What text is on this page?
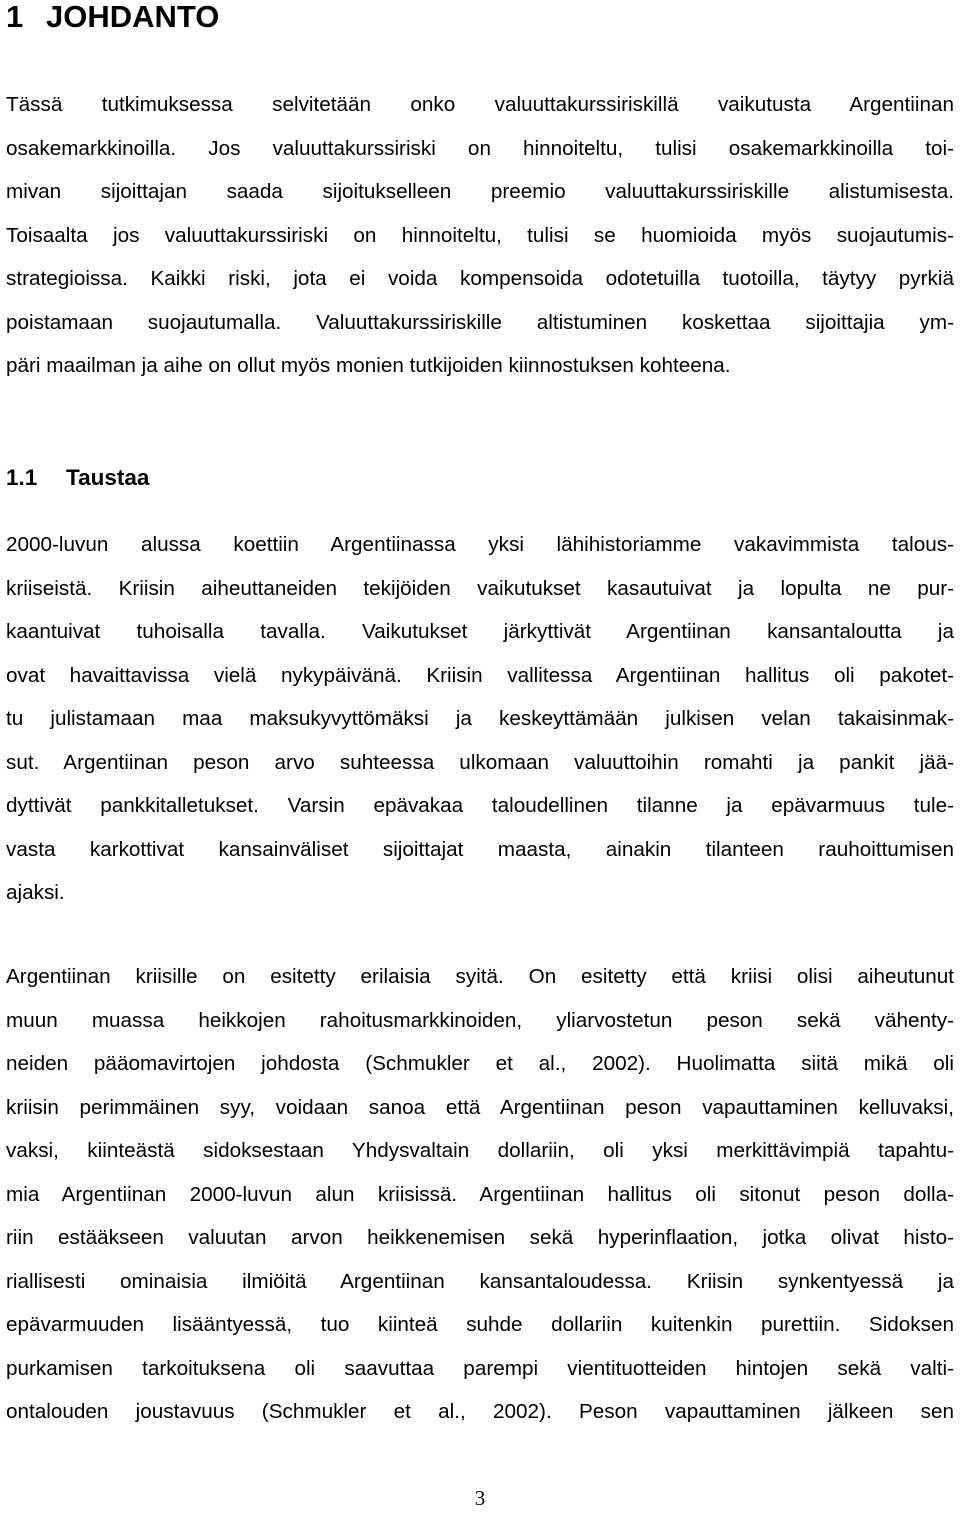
1 JOHDANTO

Tässä tutkimuksessa selvitetään onko valuuttakurssiriskillä vaikutusta Argentiinan
osakemarkkinoilla. Jos valuuttakurssiriski on hinnoiteltu, tulisi osakemarkkinoilla toi-
mivan sijoittajan saada sijoitukselleen preemio valuuttakurssiriskille alistumisesta.
Toisaalta jos valuuttakurssiriski on hinnoiteltu, tulisi se huomioida myös suojautumis-
strategioissa. Kaikki riski, jota ei voida kompensoida odotetuilla tuotoilla, täytyy pyrkiä
poistamaan suojautumalla. Valuuttakurssiriskille altistuminen koskettaa sijoittajia ym-
päri maailman ja aihe on ollut myös monien tutkijoiden kiinnostuksen kohteena.

1.1 Taustaa

2000-luvun alussa koettiin Argentiinassa yksi lähihistoriamme vakavimmista talous-
kriiseistä. Kriisin aiheuttaneiden tekijöiden vaikutukset kasautuivat ja lopulta ne pur-
kaantuivat tuhoisalla tavalla. Vaikutukset järkyttivät Argentiinan kansantaloutta ja
ovat havaittavissa vielä nykypäivänä. Kriisin vallitessa Argentiinan hallitus oli pakotet-
tu julistamaan maa maksukyvyttömäksi ja keskeyttämään julkisen velan takaisinmak-
sut. Argentiinan peson arvo suhteessa ulkomaan valuuttoihin romahti ja pankit jää-
dyttivät pankkitalletukset. Varsin epävakaa taloudellinen tilanne ja epävarmuus tule-
vasta karkottivat kansainväliset sijoittajat maasta, ainakin tilanteen rauhoittumisen
ajaksi.

Argentiinan kriisille on esitetty erilaisia syitä. On esitetty että kriisi olisi aiheutunut
muun muassa heikkojen rahoitusmarkkinoiden, yliarvostetun peson sekä vähenty-
neiden pääomavirtojen johdosta (Schmukler et al., 2002). Huolimatta siitä mikä oli
kriisin perimmäinen syy, voidaan sanoa että Argentiinan peson vapauttaminen kelluvaksi,
vaksi, kiinteästä sidoksestaan Yhdysvaltain dollariin, oli yksi merkittävimpiä tapahtu-
mia Argentiinan 2000-luvun alun kriisissä. Argentiinan hallitus oli sitonut peson dolla-
riin estääkseen valuutan arvon heikkenemisen sekä hyperinflaation, jotka olivat histo-
riallisesti ominaisia ilmiöitä Argentiinan kansantaloudessa. Kriisin synkentyessä ja
epävarmuuden lisääntyessä, tuo kiinteä suhde dollariin kuitenkin purettiin. Sidoksen
purkamisen tarkoituksena oli saavuttaa parempi vientituotteiden hintojen sekä valti-
ontalouden joustavuus (Schmukler et al., 2002). Peson vapauttaminen jälkeen sen

3
